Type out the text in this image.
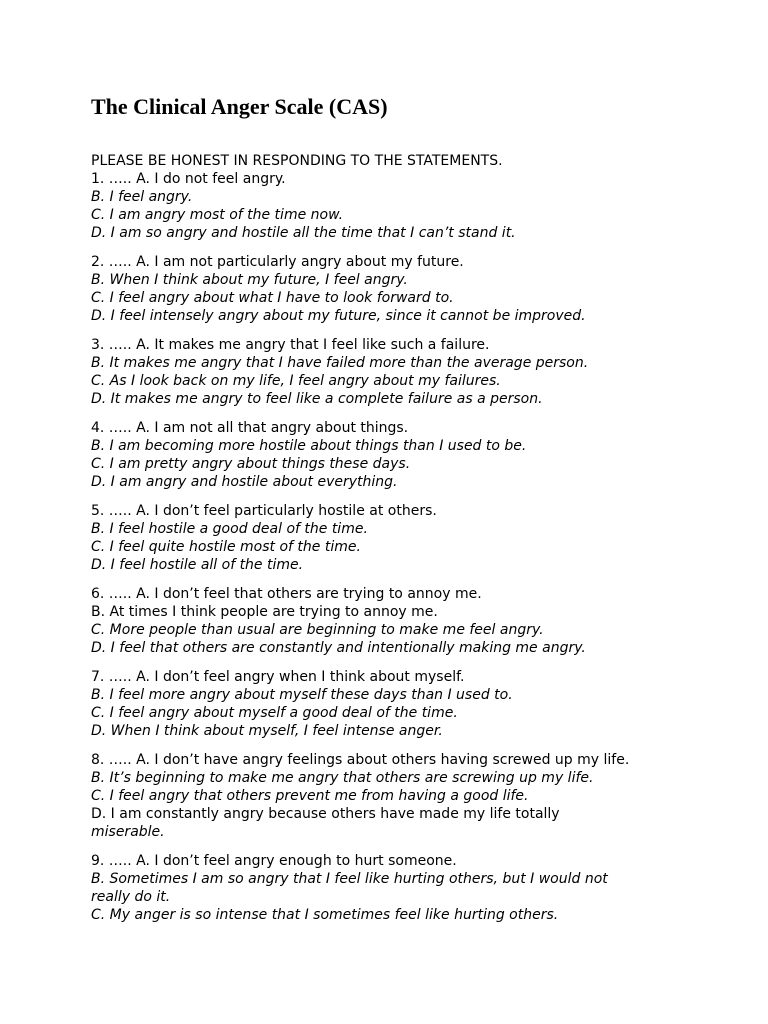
The Clinical Anger Scale (CAS)

PLEASE BE HONEST IN RESPONDING TO THE STATEMENTS.

1. ….. A. I do not feel angry.

B. I feel angry.

C. I am angry most of the time now.

D. I am so angry and hostile all the time that I can’t stand it.

2. ….. A. I am not particularly angry about my future.

B. When I think about my future, I feel angry.

C. I feel angry about what I have to look forward to.

D. I feel intensely angry about my future, since it cannot be improved.

3. ….. A. It makes me angry that I feel like such a failure.

B. It makes me angry that I have failed more than the average person.

C. As I look back on my life, I feel angry about my failures.

D. It makes me angry to feel like a complete failure as a person.

4. ….. A. I am not all that angry about things.

B. I am becoming more hostile about things than I used to be.

C. I am pretty angry about things these days.

D. I am angry and hostile about everything.

5. ….. A. I don’t feel particularly hostile at others.

B. I feel hostile a good deal of the time.

C. I feel quite hostile most of the time.

D. I feel hostile all of the time.

6. ….. A. I don’t feel that others are trying to annoy me.

B. At times I think people are trying to annoy me.

C. More people than usual are beginning to make me feel angry.

D. I feel that others are constantly and intentionally making me angry.

7. ….. A. I don’t feel angry when I think about myself.

B. I feel more angry about myself these days than I used to.

C. I feel angry about myself a good deal of the time.

D. When I think about myself, I feel intense anger.

8. ….. A. I don’t have angry feelings about others having screwed up my life.

B. It’s beginning to make me angry that others are screwing up my life.

C. I feel angry that others prevent me from having a good life.

D. I am constantly angry because others have made my life totally

miserable.

9. ….. A. I don’t feel angry enough to hurt someone.

B. Sometimes I am so angry that I feel like hurting others, but I would not

really do it.

C. My anger is so intense that I sometimes feel like hurting others.
